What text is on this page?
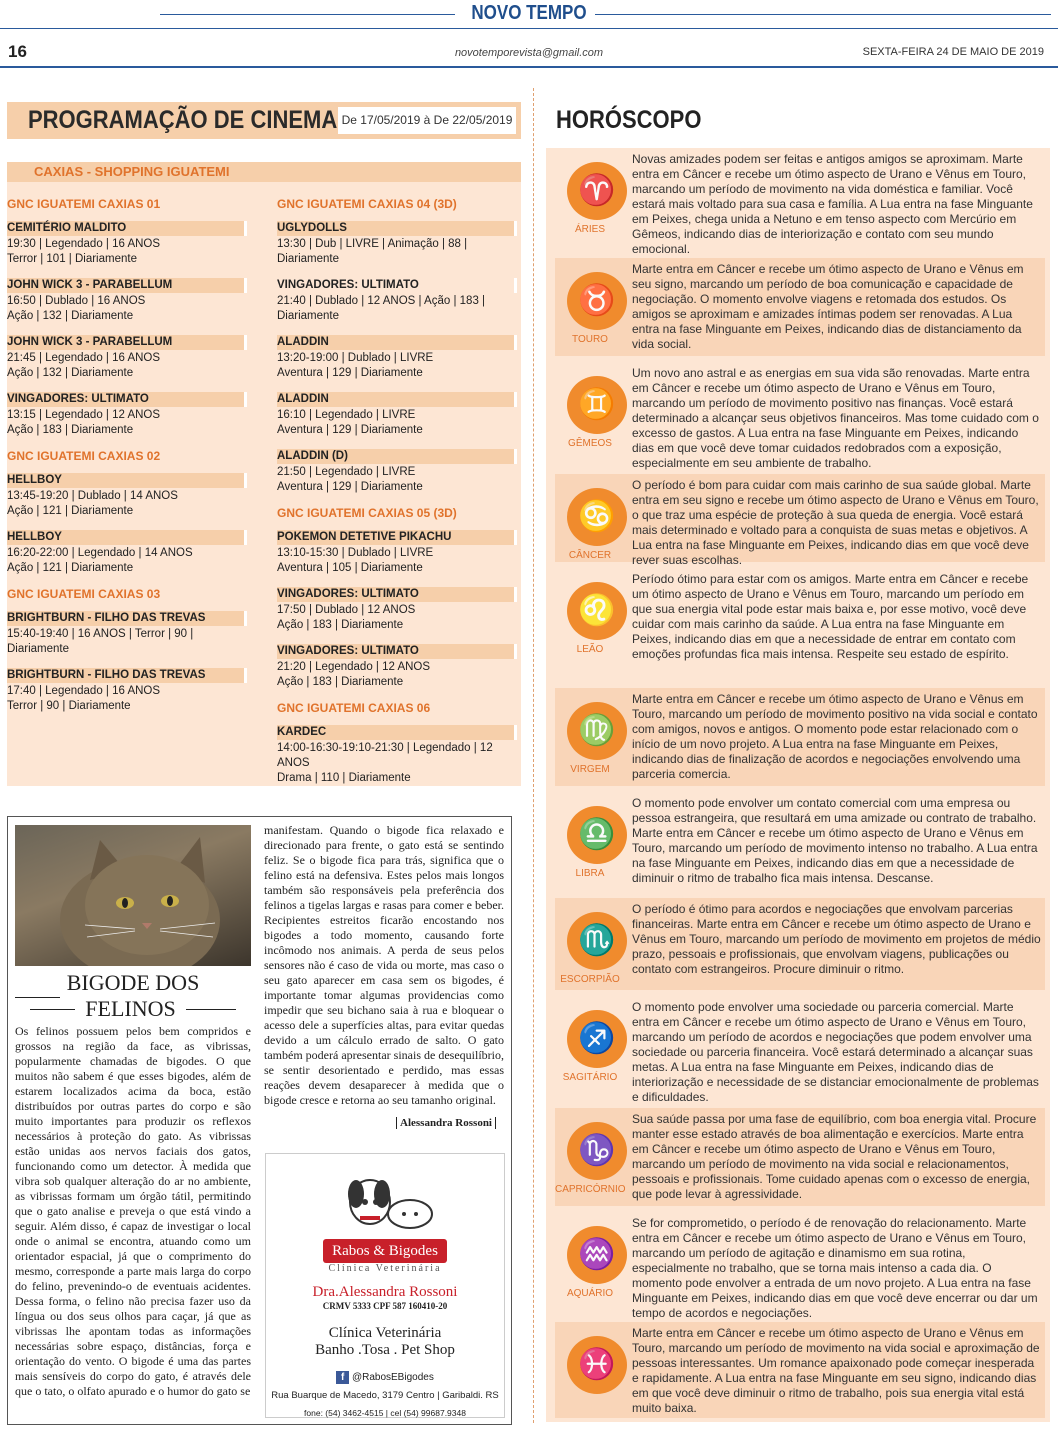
NOVO TEMPO
novotemporevista@gmail.com
16	SEXTA-FEIRA 24 DE MAIO DE 2019
PROGRAMAÇÃO DE CINEMA De 17/05/2019 à De 22/05/2019
CAXIAS - SHOPPING IGUATEMI
GNC IGUATEMI CAXIAS 01
CEMITÉRIO MALDITO
19:30 | Legendado | 16 ANOS
Terror | 101 | Diariamente
JOHN WICK 3 - PARABELLUM
16:50 | Dublado | 16 ANOS
Ação | 132 | Diariamente
JOHN WICK 3 - PARABELLUM
21:45 | Legendado | 16 ANOS
Ação | 132 | Diariamente
VINGADORES: ULTIMATO
13:15 | Legendado | 12 ANOS
Ação | 183 | Diariamente
GNC IGUATEMI CAXIAS 02
HELLBOY
13:45-19:20 | Dublado | 14 ANOS
Ação | 121 | Diariamente
HELLBOY
16:20-22:00 | Legendado | 14 ANOS
Ação | 121 | Diariamente
GNC IGUATEMI CAXIAS 03
BRIGHTBURN - FILHO DAS TREVAS
15:40-19:40 | 16 ANOS | Terror | 90 | Diariamente
BRIGHTBURN - FILHO DAS TREVAS
17:40 | Legendado | 16 ANOS
Terror | 90 | Diariamente
GNC IGUATEMI CAXIAS 04 (3D)
UGLYDOLLS
13:30 | Dub | LIVRE | Animação | 88 | Diariamente
VINGADORES: ULTIMATO
21:40 | Dublado | 12 ANOS | Ação | 183 | Diariamente
ALADDIN
13:20-19:00 | Dublado | LIVRE
Aventura | 129 | Diariamente
ALADDIN
16:10 | Legendado | LIVRE
Aventura | 129 | Diariamente
ALADDIN (D)
21:50 | Legendado | LIVRE
Aventura | 129 | Diariamente
GNC IGUATEMI CAXIAS 05 (3D)
POKEMON DETETIVE PIKACHU
13:10-15:30 | Dublado | LIVRE
Aventura | 105 | Diariamente
VINGADORES: ULTIMATO
17:50 | Dublado | 12 ANOS
Ação | 183 | Diariamente
VINGADORES: ULTIMATO
21:20 | Legendado | 12 ANOS
Ação | 183 | Diariamente
GNC IGUATEMI CAXIAS 06
KARDEC
14:00-16:30-19:10-21:30 | Legendado | 12 ANOS
Drama | 110 | Diariamente
BIGODE DOS
FELINOS
Os felinos possuem pelos bem compridos e grossos na região da face, as vibrissas, popularmente chamadas de bigodes. O que muitos não sabem é que esses bigodes, além de estarem localizados acima da boca, estão distribuídos por outras partes do corpo e são muito importantes para produzir os reflexos necessários à proteção do gato. As vibrissas estão unidas aos nervos faciais dos gatos, funcionando como um detector. À medida que vibra sob qualquer alteração do ar no ambiente, as vibrissas formam um órgão tátil, permitindo que o gato analise e preveja o que está vindo a seguir. Além disso, é capaz de investigar o local onde o animal se encontra, atuando como um orientador espacial, já que o comprimento do mesmo, corresponde a parte mais larga do corpo do felino, prevenindo-o de eventuais acidentes. Dessa forma, o felino não precisa fazer uso da língua ou dos seus olhos para caçar, já que as vibrissas lhe apontam todas as informações necessárias sobre espaço, distâncias, força e orientação do vento. O bigode é uma das partes mais sensíveis do corpo do gato, é através dele que o tato, o olfato apurado e o humor do gato se
manifestam. Quando o bigode fica relaxado e direcionado para frente, o gato está se sentindo feliz. Se o bigode fica para trás, significa que o felino está na defensiva. Estes pelos mais longos também são responsáveis pela preferência dos felinos a tigelas largas e rasas para comer e beber. Recipientes estreitos ficarão encostando nos bigodes a todo momento, causando forte incômodo nos animais. A perda de seus pelos sensores não é caso de vida ou morte, mas caso o seu gato aparecer em casa sem os bigodes, é importante tomar algumas providencias como impedir que seu bichano saia à rua e bloquear o acesso dele a superfícies altas, para evitar quedas devido a um cálculo errado de salto. O gato também poderá apresentar sinais de desequilíbrio, se sentir desorientado e perdido, mas essas reações devem desaparecer à medida que o bigode cresce e retorna ao seu tamanho original.
Alessandra Rossoni
Rabos & Bigodes
Clínica Veterinária
Dra.Alessandra Rossoni
CRMV 5333 CPF 587 160410-20
Clínica Veterinária
Banho .Tosa . Pet Shop
f @RabosEBigodes
Rua Buarque de Macedo, 3179 Centro | Garibaldi. RS
fone: (54) 3462-4515 | cel (54) 99687.9348
HORÓSCOPO
♈
ÁRIES
Novas amizades podem ser feitas e antigos amigos se aproximam. Marte entra em Câncer e recebe um ótimo aspecto de Urano e Vênus em Touro, marcando um período de movimento na vida doméstica e familiar. Você estará mais voltado para sua casa e família. A Lua entra na fase Minguante em Peixes, chega unida a Netuno e em tenso aspecto com Mercúrio em Gêmeos, indicando dias de interiorização e contato com seu mundo emocional.
♉
TOURO
Marte entra em Câncer e recebe um ótimo aspecto de Urano e Vênus em seu signo, marcando um período de boa comunicação e capacidade de negociação. O momento envolve viagens e retomada dos estudos. Os amigos se aproximam e amizades íntimas podem ser renovadas. A Lua entra na fase Minguante em Peixes, indicando dias de distanciamento da vida social.
♊
GÊMEOS
Um novo ano astral e as energias em sua vida são renovadas. Marte entra em Câncer e recebe um ótimo aspecto de Urano e Vênus em Touro, marcando um período de movimento positivo nas finanças. Você estará determinado a alcançar seus objetivos financeiros. Mas tome cuidado com o excesso de gastos. A Lua entra na fase Minguante em Peixes, indicando dias em que você deve tomar cuidados redobrados com a exposição, especialmente em seu ambiente de trabalho.
♋
CÂNCER
O período é bom para cuidar com mais carinho de sua saúde global. Marte entra em seu signo e recebe um ótimo aspecto de Urano e Vênus em Touro, o que traz uma espécie de proteção à sua queda de energia. Você estará mais determinado e voltado para a conquista de suas metas e objetivos. A Lua entra na fase Minguante em Peixes, indicando dias em que você deve rever suas escolhas.
♌
LEÃO
Período ótimo para estar com os amigos. Marte entra em Câncer e recebe um ótimo aspecto de Urano e Vênus em Touro, marcando um período em que sua energia vital pode estar mais baixa e, por esse motivo, você deve cuidar com mais carinho da saúde. A Lua entra na fase Minguante em Peixes, indicando dias em que a necessidade de entrar em contato com emoções profundas fica mais intensa. Respeite seu estado de espírito.
♍
VIRGEM
Marte entra em Câncer e recebe um ótimo aspecto de Urano e Vênus em Touro, marcando um período de movimento positivo na vida social e contato com amigos, novos e antigos. O momento pode estar relacionado com o início de um novo projeto. A Lua entra na fase Minguante em Peixes, indicando dias de finalização de acordos e negociações envolvendo uma parceria comercia.
♎
LIBRA
O momento pode envolver um contato comercial com uma empresa ou pessoa estrangeira, que resultará em uma amizade ou contrato de trabalho. Marte entra em Câncer e recebe um ótimo aspecto de Urano e Vênus em Touro, marcando um período de movimento intenso no trabalho. A Lua entra na fase Minguante em Peixes, indicando dias em que a necessidade de diminuir o ritmo de trabalho fica mais intensa. Descanse.
♏
ESCORPIÃO
O período é ótimo para acordos e negociações que envolvam parcerias financeiras. Marte entra em Câncer e recebe um ótimo aspecto de Urano e Vênus em Touro, marcando um período de movimento em projetos de médio prazo, pessoais e profissionais, que envolvam viagens, publicações ou contato com estrangeiros. Procure diminuir o ritmo.
♐
SAGITÁRIO
O momento pode envolver uma sociedade ou parceria comercial. Marte entra em Câncer e recebe um ótimo aspecto de Urano e Vênus em Touro, marcando um período de acordos e negociações que podem envolver uma sociedade ou parceria financeira. Você estará determinado a alcançar suas metas. A Lua entra na fase Minguante em Peixes, indicando dias de interiorização e necessidade de se distanciar emocionalmente de problemas e dificuldades.
♑
CAPRICÓRNIO
Sua saúde passa por uma fase de equilíbrio, com boa energia vital. Procure manter esse estado através de boa alimentação e exercícios. Marte entra em Câncer e recebe um ótimo aspecto de Urano e Vênus em Touro, marcando um período de movimento na vida social e relacionamentos, pessoais e profissionais. Tome cuidado apenas com o excesso de energia, que pode levar à agressividade.
♒
AQUÁRIO
Se for comprometido, o período é de renovação do relacionamento. Marte entra em Câncer e recebe um ótimo aspecto de Urano e Vênus em Touro, marcando um período de agitação e dinamismo em sua rotina, especialmente no trabalho, que se torna mais intenso a cada dia. O momento pode envolver a entrada de um novo projeto. A Lua entra na fase Minguante em Peixes, indicando dias em que você deve encerrar ou dar um tempo de acordos e negociações.
♓
Marte entra em Câncer e recebe um ótimo aspecto de Urano e Vênus em Touro, marcando um período de movimento na vida social e aproximação de pessoas interessantes. Um romance apaixonado pode começar inesperada e rapidamente. A Lua entra na fase Minguante em seu signo, indicando dias em que você deve diminuir o ritmo de trabalho, pois sua energia vital está muito baixa.
